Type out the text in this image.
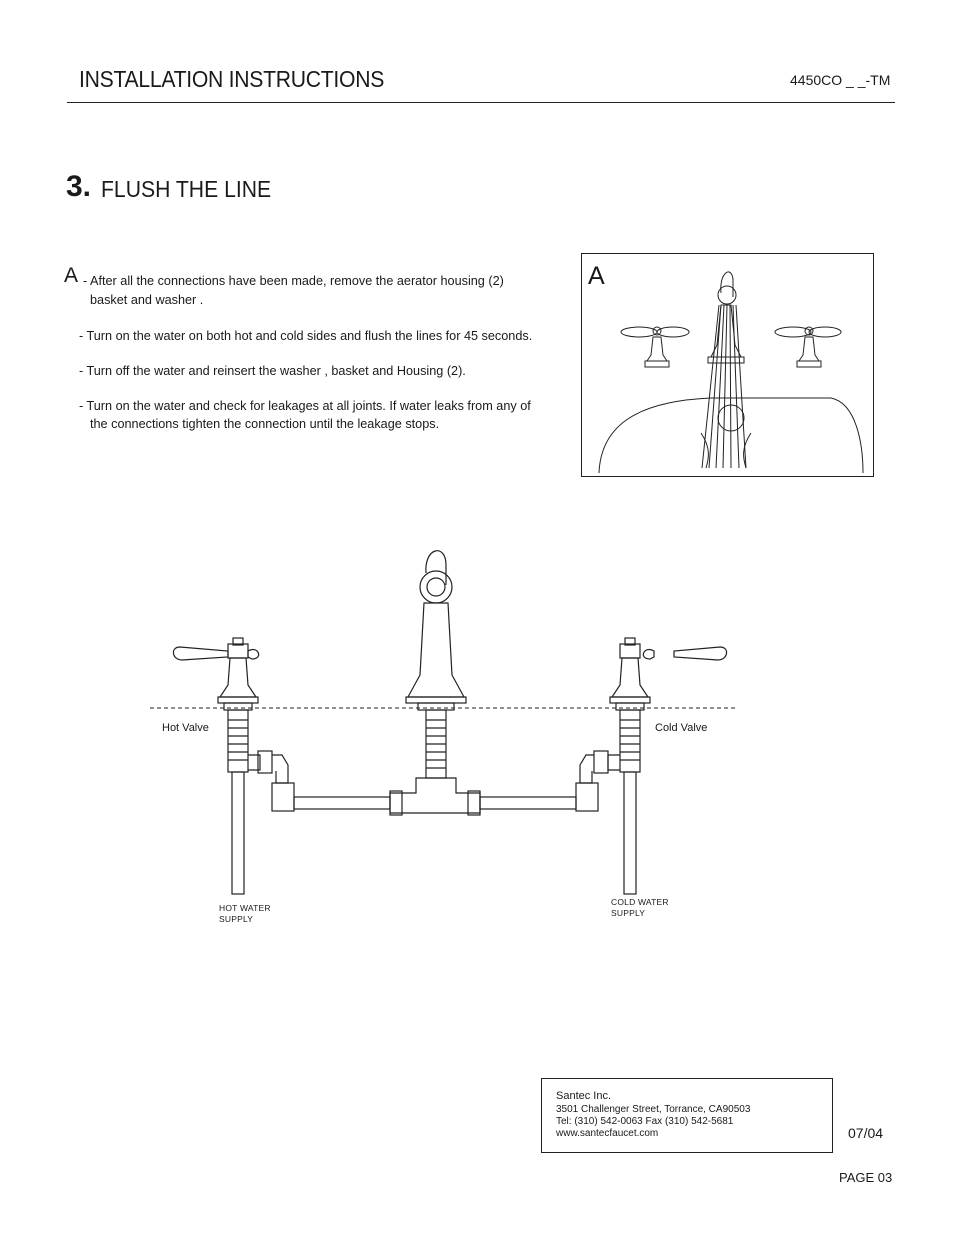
INSTALLATION INSTRUCTIONS	4450CO _ _-TM
3. FLUSH THE LINE
A - After all the connections have been made, remove the aerator housing (2)
basket and washer .
- Turn on the water on both hot and cold sides and flush the lines for 45 seconds.
- Turn off the water and reinsert the washer , basket and Housing (2).
- Turn on the water and check for leakages at all joints. If water leaks from any of
the connections tighten the connection until the leakage stops.
A
Hot Valve	Cold Valve
HOT WATER
SUPPLY
COLD WATER
SUPPLY
Santec Inc.
3501 Challenger Street, Torrance, CA90503
Tel: (310) 542-0063 Fax (310) 542-5681
www.santecfaucet.com	07/04
PAGE 03
